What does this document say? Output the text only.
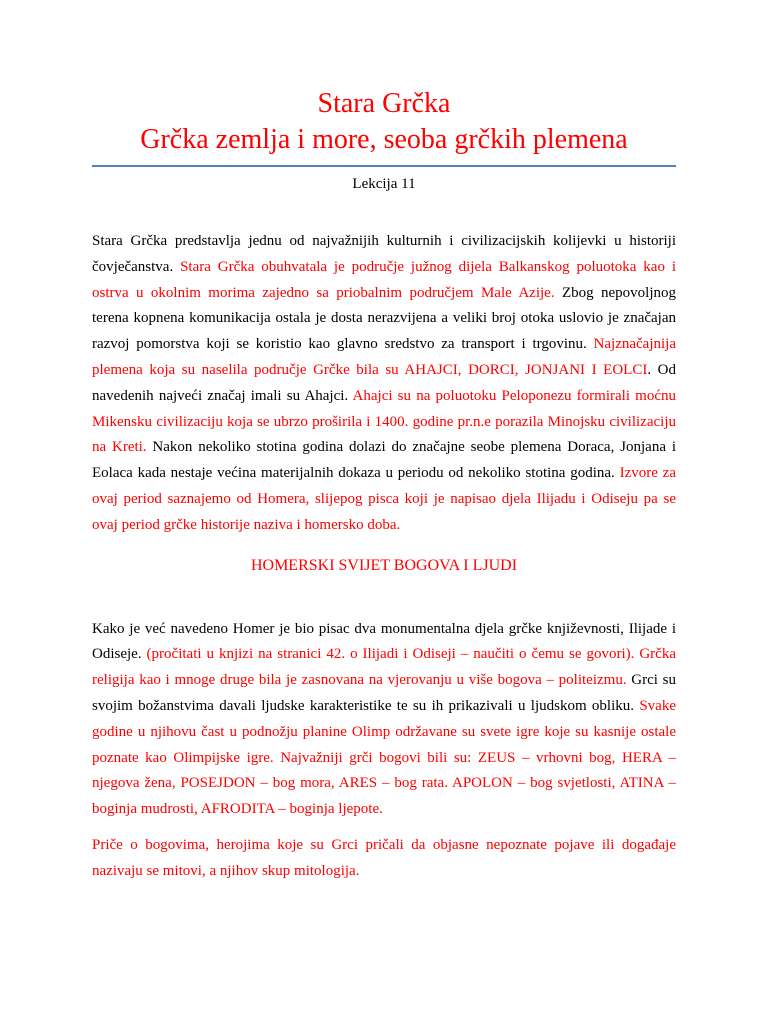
Stara Grčka
Grčka zemlja i more, seoba grčkih plemena
Lekcija 11

Stara Grčka predstavlja jednu od najvažnijih kulturnih i civilizacijskih kolijevki u historiji čovječanstva. Stara Grčka obuhvatala je područje južnog dijela Balkanskog poluotoka kao i ostrva u okolnim morima zajedno sa priobalnim područjem Male Azije. Zbog nepovoljnog terena kopnena komunikacija ostala je dosta nerazvijena a veliki broj otoka uslovio je značajan razvoj pomorstva koji se koristio kao glavno sredstvo za transport i trgovinu. Najznačajnija plemena koja su naselila područje Grčke bila su AHAJCI, DORCI, JONJANI I EOLCI. Od navedenih najveći značaj imali su Ahajci. Ahajci su na poluotoku Peloponezu formirali moćnu Mikensku civilizaciju koja se ubrzo proširila i 1400. godine pr.n.e porazila Minojsku civilizaciju na Kreti. Nakon nekoliko stotina godina dolazi do značajne seobe plemena Doraca, Jonjana i Eolaca kada nestaje većina materijalnih dokaza u periodu od nekoliko stotina godina. Izvore za ovaj period saznajemo od Homera, slijepog pisca koji je napisao djela Ilijadu i Odiseju pa se ovaj period grčke historije naziva i homersko doba.

HOMERSKI SVIJET BOGOVA I LJUDI

Kako je već navedeno Homer je bio pisac dva monumentalna djela grčke književnosti, Ilijade i Odiseje. (pročitati u knjizi na stranici 42. o Ilijadi i Odiseji – naučiti o čemu se govori). Grčka religija kao i mnoge druge bila je zasnovana na vjerovanju u više bogova – politeizmu. Grci su svojim božanstvima davali ljudske karakteristike te su ih prikazivali u ljudskom obliku. Svake godine u njihovu čast u podnožju planine Olimp održavane su svete igre koje su kasnije ostale poznate kao Olimpijske igre. Najvažniji grči bogovi bili su: ZEUS – vrhovni bog, HERA – njegova žena, POSEJDON – bog mora, ARES – bog rata. APOLON – bog svjetlosti, ATINA – boginja mudrosti, AFRODITA – boginja ljepote.

Priče o bogovima, herojima koje su Grci pričali da objasne nepoznate pojave ili događaje nazivaju se mitovi, a njihov skup mitologija.
